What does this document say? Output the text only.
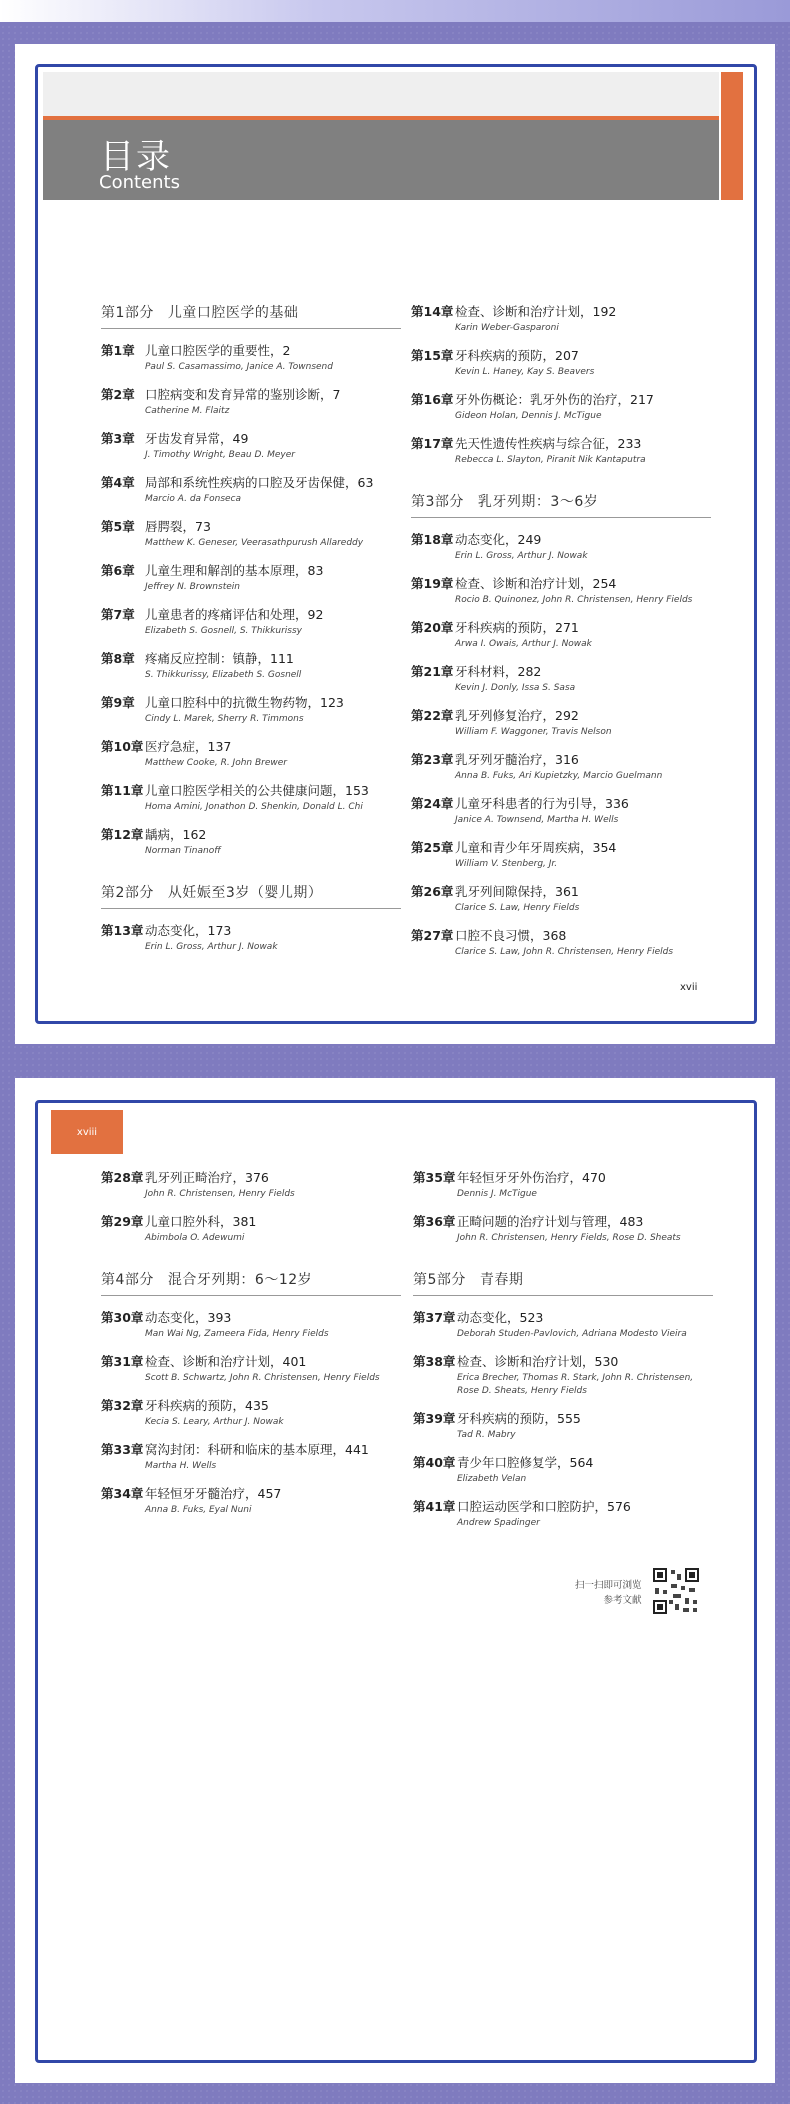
目录
Contents
第1部分 儿童口腔医学的基础
第1章 儿童口腔医学的重要性，2
Paul S. Casamassimo, Janice A. Townsend
第2章 口腔病变和发育异常的鉴别诊断，7
Catherine M. Flaitz
第3章 牙齿发育异常，49
J. Timothy Wright, Beau D. Meyer
第4章 局部和系统性疾病的口腔及牙齿保健，63
Marcio A. da Fonseca
第5章 唇腭裂，73
Matthew K. Geneser, Veerasathpurush Allareddy
第6章 儿童生理和解剖的基本原理，83
Jeffrey N. Brownstein
第7章 儿童患者的疼痛评估和处理，92
Elizabeth S. Gosnell, S. Thikkurissy
第8章 疼痛反应控制：镇静，111
S. Thikkurissy, Elizabeth S. Gosnell
第9章 儿童口腔科中的抗微生物药物，123
Cindy L. Marek, Sherry R. Timmons
第10章 医疗急症，137
Matthew Cooke, R. John Brewer
第11章 儿童口腔医学相关的公共健康问题，153
Homa Amini, Jonathon D. Shenkin, Donald L. Chi
第12章 龋病，162
Norman Tinanoff
第2部分 从妊娠至3岁（婴儿期）
第13章 动态变化，173
Erin L. Gross, Arthur J. Nowak
第14章 检查、诊断和治疗计划，192
Karin Weber-Gasparoni
第15章 牙科疾病的预防，207
Kevin L. Haney, Kay S. Beavers
第16章 牙外伤概论：乳牙外伤的治疗，217
Gideon Holan, Dennis J. McTigue
第17章 先天性遗传性疾病与综合征，233
Rebecca L. Slayton, Piranit Nik Kantaputra
第3部分 乳牙列期：3～6岁
第18章 动态变化，249
Erin L. Gross, Arthur J. Nowak
第19章 检查、诊断和治疗计划，254
Rocio B. Quinonez, John R. Christensen, Henry Fields
第20章 牙科疾病的预防，271
Arwa I. Owais, Arthur J. Nowak
第21章 牙科材料，282
Kevin J. Donly, Issa S. Sasa
第22章 乳牙列修复治疗，292
William F. Waggoner, Travis Nelson
第23章 乳牙列牙髓治疗，316
Anna B. Fuks, Ari Kupietzky, Marcio Guelmann
第24章 儿童牙科患者的行为引导，336
Janice A. Townsend, Martha H. Wells
第25章 儿童和青少年牙周疾病，354
William V. Stenberg, Jr.
第26章 乳牙列间隙保持，361
Clarice S. Law, Henry Fields
第27章 口腔不良习惯，368
Clarice S. Law, John R. Christensen, Henry Fields
xvii
xviii
第28章 乳牙列正畸治疗，376
John R. Christensen, Henry Fields
第29章 儿童口腔外科，381
Abimbola O. Adewumi
第4部分 混合牙列期：6～12岁
第30章 动态变化，393
Man Wai Ng, Zameera Fida, Henry Fields
第31章 检查、诊断和治疗计划，401
Scott B. Schwartz, John R. Christensen, Henry Fields
第32章 牙科疾病的预防，435
Kecia S. Leary, Arthur J. Nowak
第33章 窝沟封闭：科研和临床的基本原理，441
Martha H. Wells
第34章 年轻恒牙牙髓治疗，457
Anna B. Fuks, Eyal Nuni
第35章 年轻恒牙牙外伤治疗，470
Dennis J. McTigue
第36章 正畸问题的治疗计划与管理，483
John R. Christensen, Henry Fields, Rose D. Sheats
第5部分 青春期
第37章 动态变化，523
Deborah Studen-Pavlovich, Adriana Modesto Vieira
第38章 检查、诊断和治疗计划，530
Erica Brecher, Thomas R. Stark, John R. Christensen, Rose D. Sheats, Henry Fields
第39章 牙科疾病的预防，555
Tad R. Mabry
第40章 青少年口腔修复学，564
Elizabeth Velan
第41章 口腔运动医学和口腔防护，576
Andrew Spadinger
扫一扫即可浏览
参考文献
